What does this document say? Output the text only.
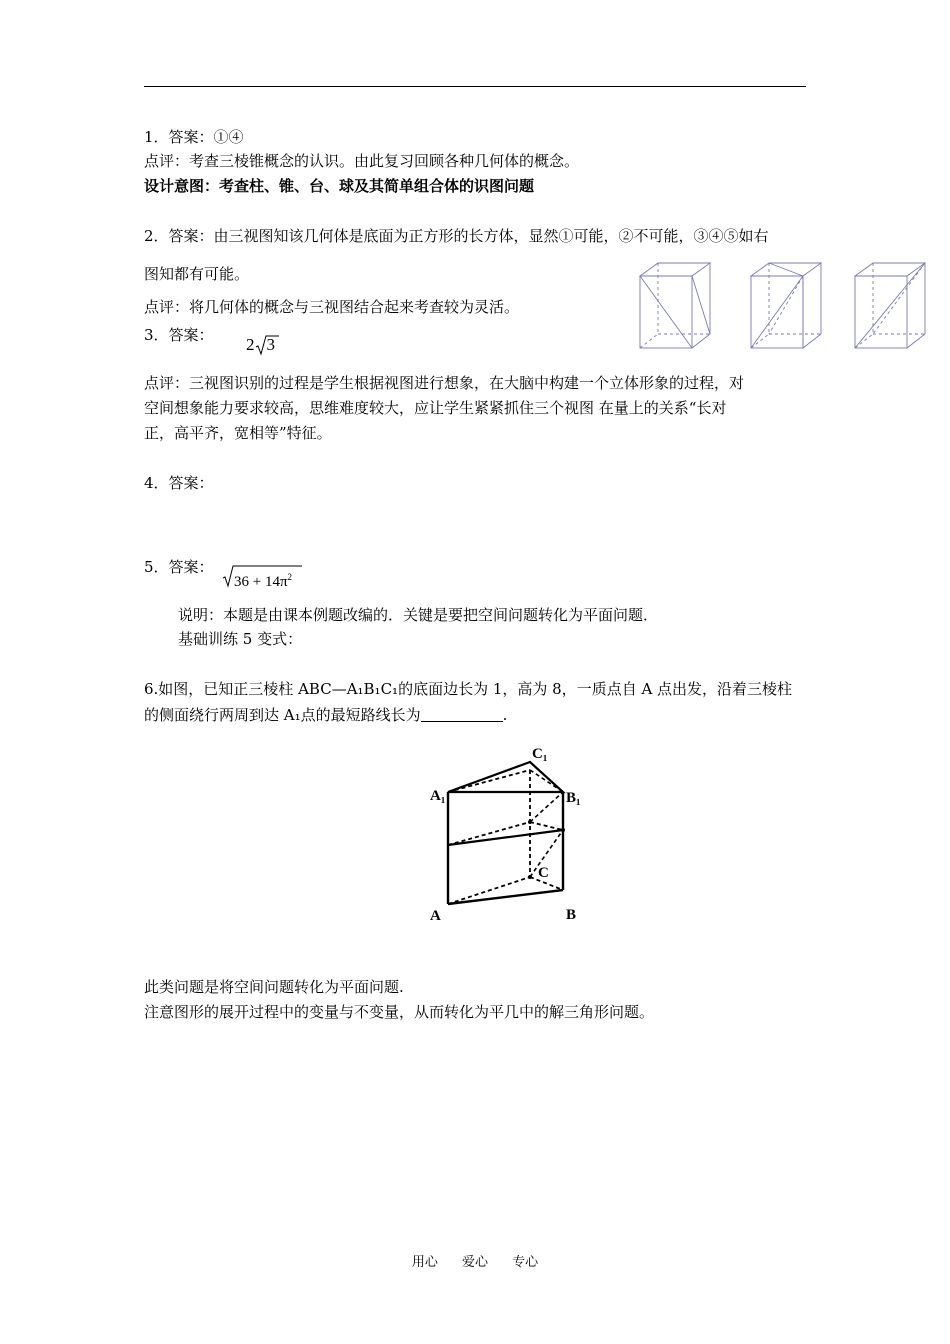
1．答案：①④
点评：考查三棱锥概念的认识。由此复习回顾各种几何体的概念。
设计意图：考查柱、锥、台、球及其简单组合体的识图问题
2．答案：由三视图知该几何体是底面为正方形的长方体，显然①可能，②不可能，③④⑤如右
图知都有可能。
点评：将几何体的概念与三视图结合起来考查较为灵活。
3．答案： 2 3
点评：三视图识别的过程是学生根据视图进行想象，在大脑中构建一个立体形象的过程，对
空间想象能力要求较高，思维难度较大，应让学生紧紧抓住三个视图 在量上的关系“长对
正，高平齐，宽相等”特征。
4．答案：
5．答案：
$36 + 14\pi^2$
说明：本题是由课本例题改编的．关键是要把空间问题转化为平面问题．
基础训练 5 变式：
6.如图，已知正三棱柱 ABC—A₁B₁C₁的底面边长为 1，高为 8，一质点自 A 点出发，沿着三棱柱
的侧面绕行两周到达 A₁点的最短路线长为	.
A₁	B₁
C₁
A	B
C
此类问题是将空间问题转化为平面问题.
注意图形的展开过程中的变量与不变量，从而转化为平几中的解三角形问题。
用心 爱心 专心
